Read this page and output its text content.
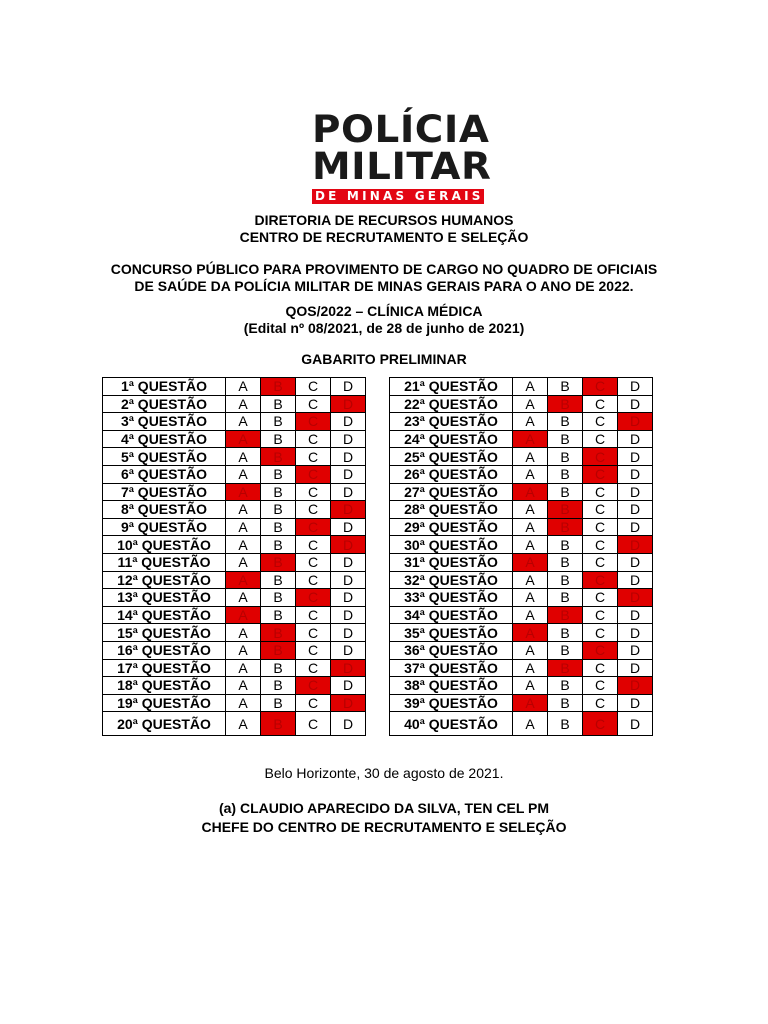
POLÍCIA
MILITAR
DE MINAS GERAIS
DIRETORIA DE RECURSOS HUMANOS
CENTRO DE RECRUTAMENTO E SELEÇÃO
CONCURSO PÚBLICO PARA PROVIMENTO DE CARGO NO QUADRO DE OFICIAIS
DE SAÚDE DA POLÍCIA MILITAR DE MINAS GERAIS PARA O ANO DE 2022.
QOS/2022 – CLÍNICA MÉDICA
(Edital nº 08/2021, de 28 de junho de 2021)
GABARITO PRELIMINAR
1ª QUESTÃO	A	B	C	D
2ª QUESTÃO	A	B	C	D
3ª QUESTÃO	A	B	C	D
4ª QUESTÃO	A	B	C	D
5ª QUESTÃO	A	B	C	D
6ª QUESTÃO	A	B	C	D
7ª QUESTÃO	A	B	C	D
8ª QUESTÃO	A	B	C	D
9ª QUESTÃO	A	B	C	D
10ª QUESTÃO	A	B	C	D
11ª QUESTÃO	A	B	C	D
12ª QUESTÃO	A	B	C	D
13ª QUESTÃO	A	B	C	D
14ª QUESTÃO	A	B	C	D
15ª QUESTÃO	A	B	C	D
16ª QUESTÃO	A	B	C	D
17ª QUESTÃO	A	B	C	D
18ª QUESTÃO	A	B	C	D
19ª QUESTÃO	A	B	C	D
20ª QUESTÃO	A	B	C	D
21ª QUESTÃO	A	B	C	D
22ª QUESTÃO	A	B	C	D
23ª QUESTÃO	A	B	C	D
24ª QUESTÃO	A	B	C	D
25ª QUESTÃO	A	B	C	D
26ª QUESTÃO	A	B	C	D
27ª QUESTÃO	A	B	C	D
28ª QUESTÃO	A	B	C	D
29ª QUESTÃO	A	B	C	D
30ª QUESTÃO	A	B	C	D
31ª QUESTÃO	A	B	C	D
32ª QUESTÃO	A	B	C	D
33ª QUESTÃO	A	B	C	D
34ª QUESTÃO	A	B	C	D
35ª QUESTÃO	A	B	C	D
36ª QUESTÃO	A	B	C	D
37ª QUESTÃO	A	B	C	D
38ª QUESTÃO	A	B	C	D
39ª QUESTÃO	A	B	C	D
40ª QUESTÃO	A	B	C	D
Belo Horizonte, 30 de agosto de 2021.
(a) CLAUDIO APARECIDO DA SILVA, TEN CEL PM
CHEFE DO CENTRO DE RECRUTAMENTO E SELEÇÃO
